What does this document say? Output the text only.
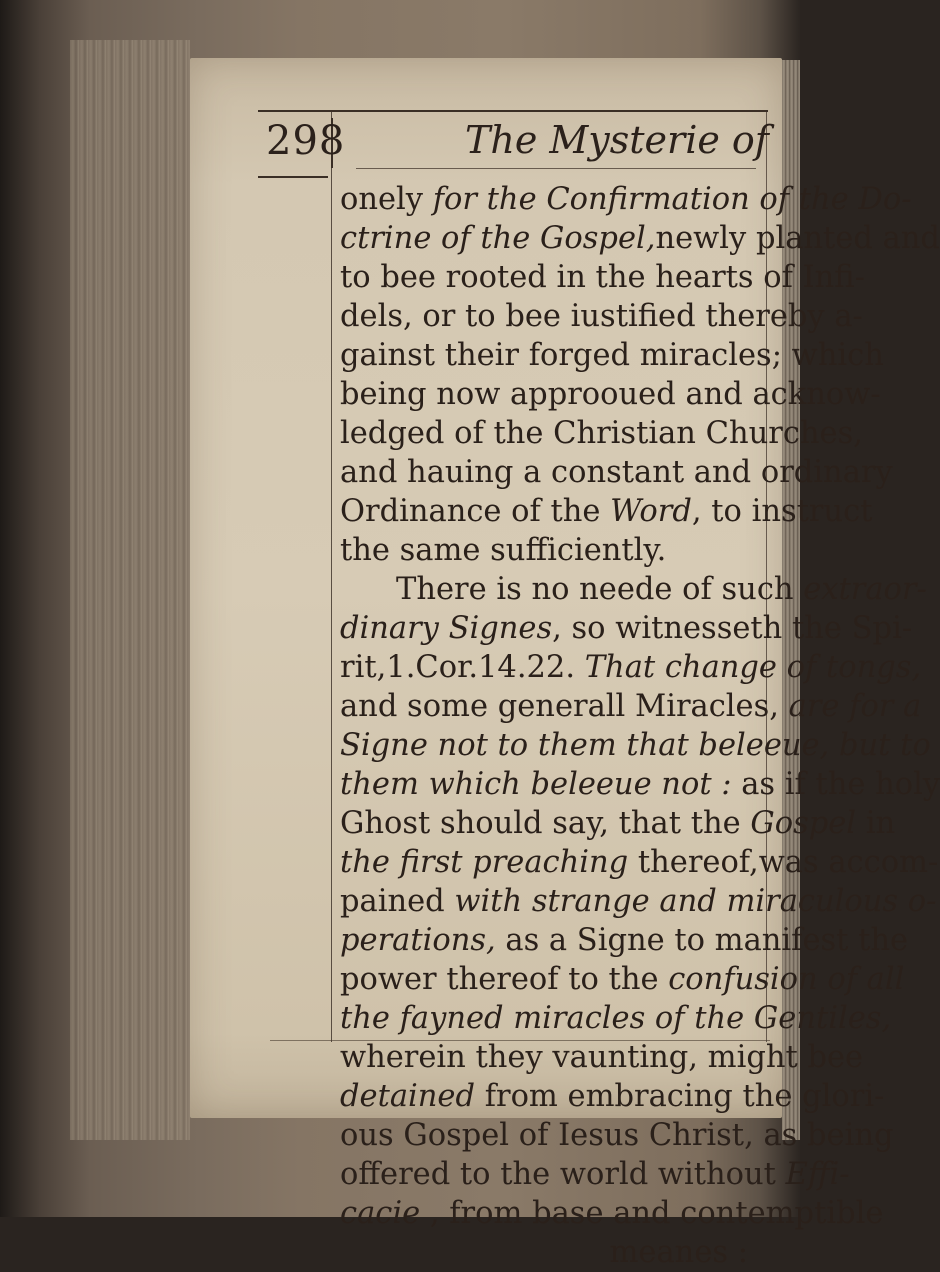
298	The Mysterie of
onely for the Confirmation of the Do-
ctrine of the Gospel,newly planted and
to bee rooted in the hearts of Infi-
dels, or to bee iustified thereby a-
gainst their forged miracles; which
being now approoued and acknow-
ledged of the Christian Churches,
and hauing a constant and ordinary
Ordinance of the Word, to instruct
the same sufficiently.
There is no neede of such extraor-
dinary Signes, so witnesseth the Spi-
rit,1.Cor.14.22. That change of tongs,
and some generall Miracles, are for a
Signe not to them that beleeue, but to
them which beleeue not : as if the holy
Ghost should say, that the Gospel in
the first preaching thereof,was accom-
pained with strange and miraculous o-
perations, as a Signe to manifest the
power thereof to the confusion of all
the fayned miracles of the Gentiles,
wherein they vaunting, might bee
detained from embracing the glori-
ous Gospel of Iesus Christ, as being
offered to the world without Effi-
cacie , from base and contemptible
meanes :
